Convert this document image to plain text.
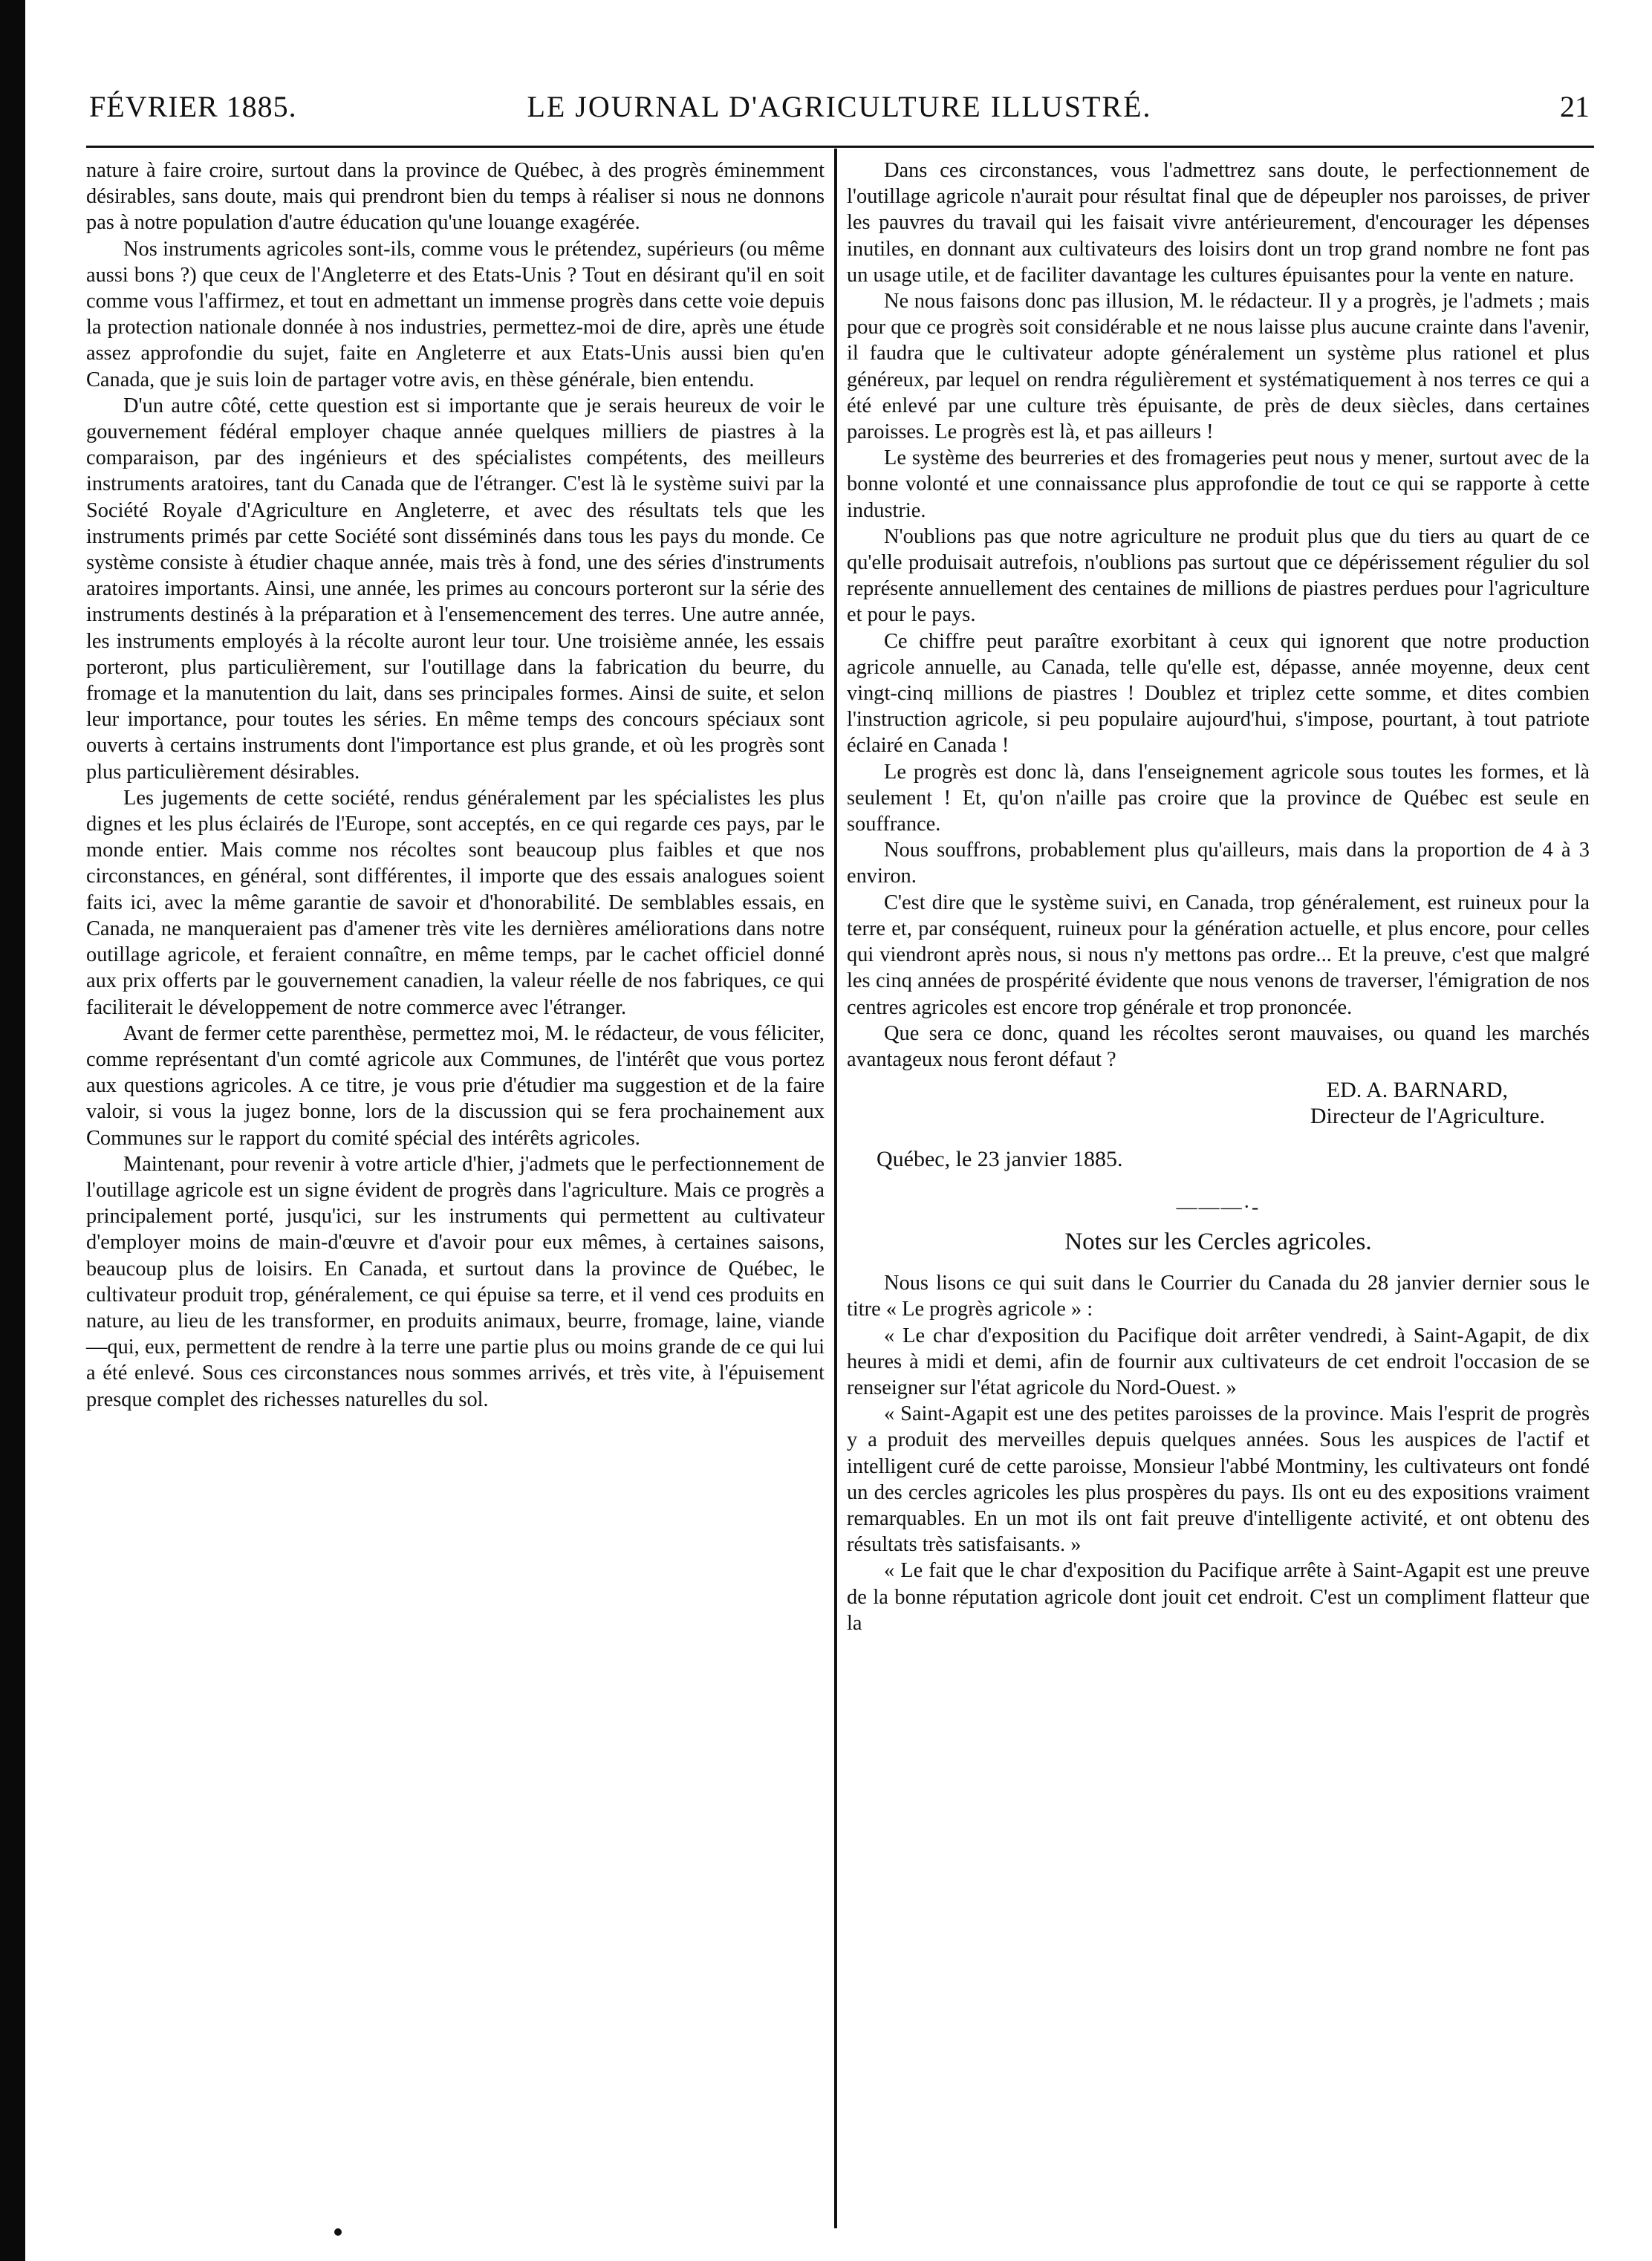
FÉVRIER 1885.	LE JOURNAL D'AGRICULTURE ILLUSTRÉ.	21

nature à faire croire, surtout dans la province de Québec, à des progrès éminemment désirables, sans doute, mais qui prendront bien du temps à réaliser si nous ne donnons pas à notre population d'autre éducation qu'une louange exagérée.

Nos instruments agricoles sont-ils, comme vous le prétendez, supérieurs (ou même aussi bons ?) que ceux de l'Angleterre et des Etats-Unis ? Tout en désirant qu'il en soit comme vous l'affirmez, et tout en admettant un immense progrès dans cette voie depuis la protection nationale donnée à nos industries, permettez-moi de dire, après une étude assez approfondie du sujet, faite en Angleterre et aux Etats-Unis aussi bien qu'en Canada, que je suis loin de partager votre avis, en thèse générale, bien entendu.

D'un autre côté, cette question est si importante que je serais heureux de voir le gouvernement fédéral employer chaque année quelques milliers de piastres à la comparaison, par des ingénieurs et des spécialistes compétents, des meilleurs instruments aratoires, tant du Canada que de l'étranger. C'est là le système suivi par la Société Royale d'Agriculture en Angleterre, et avec des résultats tels que les instruments primés par cette Société sont disséminés dans tous les pays du monde. Ce système consiste à étudier chaque année, mais très à fond, une des séries d'instruments aratoires importants. Ainsi, une année, les primes au concours porteront sur la série des instruments destinés à la préparation et à l'ensemencement des terres. Une autre année, les instruments employés à la récolte auront leur tour. Une troisième année, les essais porteront, plus particulièrement, sur l'outillage dans la fabrication du beurre, du fromage et la manutention du lait, dans ses principales formes. Ainsi de suite, et selon leur importance, pour toutes les séries. En même temps des concours spéciaux sont ouverts à certains instruments dont l'importance est plus grande, et où les progrès sont plus particulièrement désirables.

Les jugements de cette société, rendus généralement par les spécialistes les plus dignes et les plus éclairés de l'Europe, sont acceptés, en ce qui regarde ces pays, par le monde entier. Mais comme nos récoltes sont beaucoup plus faibles et que nos circonstances, en général, sont différentes, il importe que des essais analogues soient faits ici, avec la même garantie de savoir et d'honorabilité. De semblables essais, en Canada, ne manqueraient pas d'amener très vite les dernières améliorations dans notre outillage agricole, et feraient connaître, en même temps, par le cachet officiel donné aux prix offerts par le gouvernement canadien, la valeur réelle de nos fabriques, ce qui faciliterait le développement de notre commerce avec l'étranger.

Avant de fermer cette parenthèse, permettez moi, M. le rédacteur, de vous féliciter, comme représentant d'un comté agricole aux Communes, de l'intérêt que vous portez aux questions agricoles. A ce titre, je vous prie d'étudier ma suggestion et de la faire valoir, si vous la jugez bonne, lors de la discussion qui se fera prochainement aux Communes sur le rapport du comité spécial des intérêts agricoles.

Maintenant, pour revenir à votre article d'hier, j'admets que le perfectionnement de l'outillage agricole est un signe évident de progrès dans l'agriculture. Mais ce progrès a principalement porté, jusqu'ici, sur les instruments qui permettent au cultivateur d'employer moins de main-d'œuvre et d'avoir pour eux mêmes, à certaines saisons, beaucoup plus de loisirs. En Canada, et surtout dans la province de Québec, le cultivateur produit trop, généralement, ce qui épuise sa terre, et il vend ces produits en nature, au lieu de les transformer, en produits animaux, beurre, fromage, laine, viande—qui, eux, permettent de rendre à la terre une partie plus ou moins grande de ce qui lui a été enlevé. Sous ces circonstances nous sommes arrivés, et très vite, à l'épuisement presque complet des richesses naturelles du sol.

Dans ces circonstances, vous l'admettrez sans doute, le perfectionnement de l'outillage agricole n'aurait pour résultat final que de dépeupler nos paroisses, de priver les pauvres du travail qui les faisait vivre antérieurement, d'encourager les dépenses inutiles, en donnant aux cultivateurs des loisirs dont un trop grand nombre ne font pas un usage utile, et de faciliter davantage les cultures épuisantes pour la vente en nature.

Ne nous faisons donc pas illusion, M. le rédacteur. Il y a progrès, je l'admets ; mais pour que ce progrès soit considérable et ne nous laisse plus aucune crainte dans l'avenir, il faudra que le cultivateur adopte généralement un système plus rationel et plus généreux, par lequel on rendra régulièrement et systématiquement à nos terres ce qui a été enlevé par une culture très épuisante, de près de deux siècles, dans certaines paroisses. Le progrès est là, et pas ailleurs !

Le système des beurreries et des fromageries peut nous y mener, surtout avec de la bonne volonté et une connaissance plus approfondie de tout ce qui se rapporte à cette industrie.

N'oublions pas que notre agriculture ne produit plus que du tiers au quart de ce qu'elle produisait autrefois, n'oublions pas surtout que ce dépérissement régulier du sol représente annuellement des centaines de millions de piastres perdues pour l'agriculture et pour le pays.

Ce chiffre peut paraître exorbitant à ceux qui ignorent que notre production agricole annuelle, au Canada, telle qu'elle est, dépasse, année moyenne, deux cent vingt-cinq millions de piastres ! Doublez et triplez cette somme, et dites combien l'instruction agricole, si peu populaire aujourd'hui, s'impose, pourtant, à tout patriote éclairé en Canada !

Le progrès est donc là, dans l'enseignement agricole sous toutes les formes, et là seulement ! Et, qu'on n'aille pas croire que la province de Québec est seule en souffrance.

Nous souffrons, probablement plus qu'ailleurs, mais dans la proportion de 4 à 3 environ.

C'est dire que le système suivi, en Canada, trop généralement, est ruineux pour la terre et, par conséquent, ruineux pour la génération actuelle, et plus encore, pour celles qui viendront après nous, si nous n'y mettons pas ordre... Et la preuve, c'est que malgré les cinq années de prospérité évidente que nous venons de traverser, l'émigration de nos centres agricoles est encore trop générale et trop prononcée.

Que sera ce donc, quand les récoltes seront mauvaises, ou quand les marchés avantageux nous feront défaut ?

ED. A. BARNARD,
Directeur de l'Agriculture.
Québec, le 23 janvier 1885.
———·-
Notes sur les Cercles agricoles.

Nous lisons ce qui suit dans le Courrier du Canada du 28 janvier dernier sous le titre « Le progrès agricole » :

« Le char d'exposition du Pacifique doit arrêter vendredi, à Saint-Agapit, de dix heures à midi et demi, afin de fournir aux cultivateurs de cet endroit l'occasion de se renseigner sur l'état agricole du Nord-Ouest. »

« Saint-Agapit est une des petites paroisses de la province. Mais l'esprit de progrès y a produit des merveilles depuis quelques années. Sous les auspices de l'actif et intelligent curé de cette paroisse, Monsieur l'abbé Montminy, les cultivateurs ont fondé un des cercles agricoles les plus prospères du pays. Ils ont eu des expositions vraiment remarquables. En un mot ils ont fait preuve d'intelligente activité, et ont obtenu des résultats très satisfaisants. »

« Le fait que le char d'exposition du Pacifique arrête à Saint-Agapit est une preuve de la bonne réputation agricole dont jouit cet endroit. C'est un compliment flatteur que la
